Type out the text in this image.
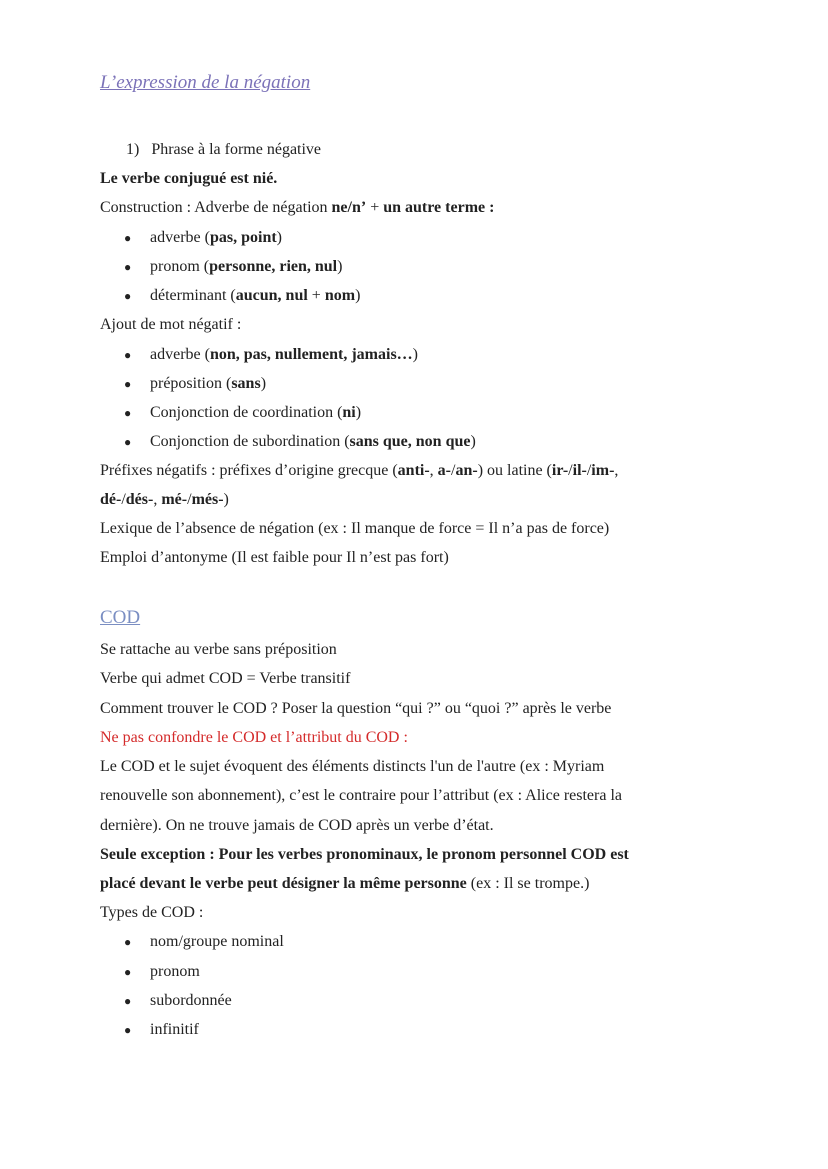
L’expression de la négation
1) Phrase à la forme négative
Le verbe conjugué est nié.
Construction : Adverbe de négation ne/n’ + un autre terme :
● adverbe (pas, point)
● pronom (personne, rien, nul)
● déterminant (aucun, nul + nom)
Ajout de mot négatif :
● adverbe (non, pas, nullement, jamais…)
● préposition (sans)
● Conjonction de coordination (ni)
● Conjonction de subordination (sans que, non que)
Préfixes négatifs : préfixes d’origine grecque (anti-, a-/an-) ou latine (ir-/il-/im-,
dé-/dés-, mé-/més-)
Lexique de l’absence de négation (ex : Il manque de force = Il n’a pas de force)
Emploi d’antonyme (Il est faible pour Il n’est pas fort)
COD
Se rattache au verbe sans préposition
Verbe qui admet COD = Verbe transitif
Comment trouver le COD ? Poser la question “qui ?” ou “quoi ?” après le verbe
Ne pas confondre le COD et l’attribut du COD :
Le COD et le sujet évoquent des éléments distincts l'un de l'autre (ex : Myriam
renouvelle son abonnement), c’est le contraire pour l’attribut (ex : Alice restera la
dernière). On ne trouve jamais de COD après un verbe d’état.
Seule exception : Pour les verbes pronominaux, le pronom personnel COD est
placé devant le verbe peut désigner la même personne (ex : Il se trompe.)
Types de COD :
● nom/groupe nominal
● pronom
● subordonnée
● infinitif
